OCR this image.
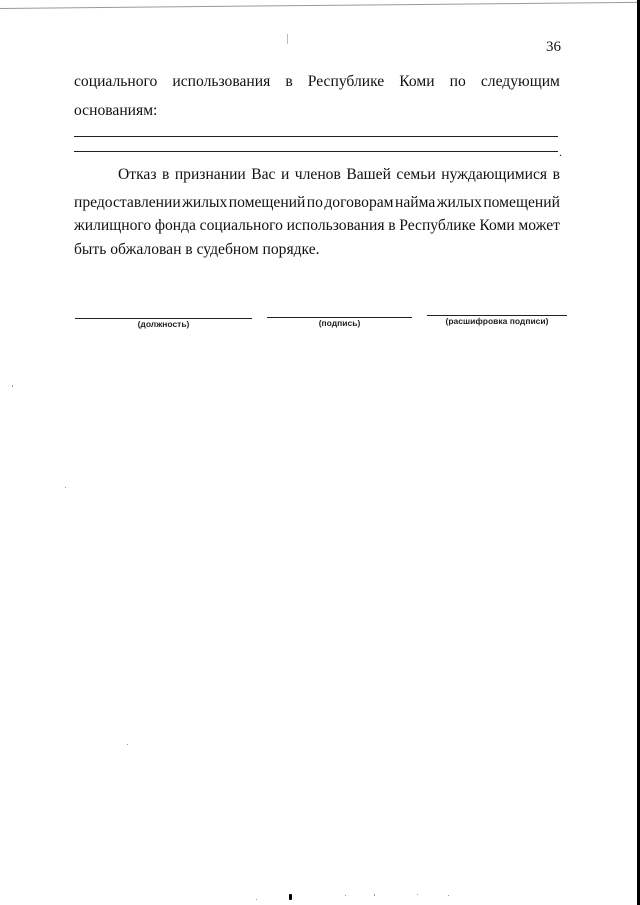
36
социального использования в Республике Коми по следующим
основаниям:
.
Отказ в признании Вас и членов Вашей семьи нуждающимися в
предоставлении жилых помещений по договорам найма жилых помещений
жилищного фонда социального использования в Республике Коми может
быть обжалован в судебном порядке.
(должность)	(подпись)	(расшифровка подписи)
